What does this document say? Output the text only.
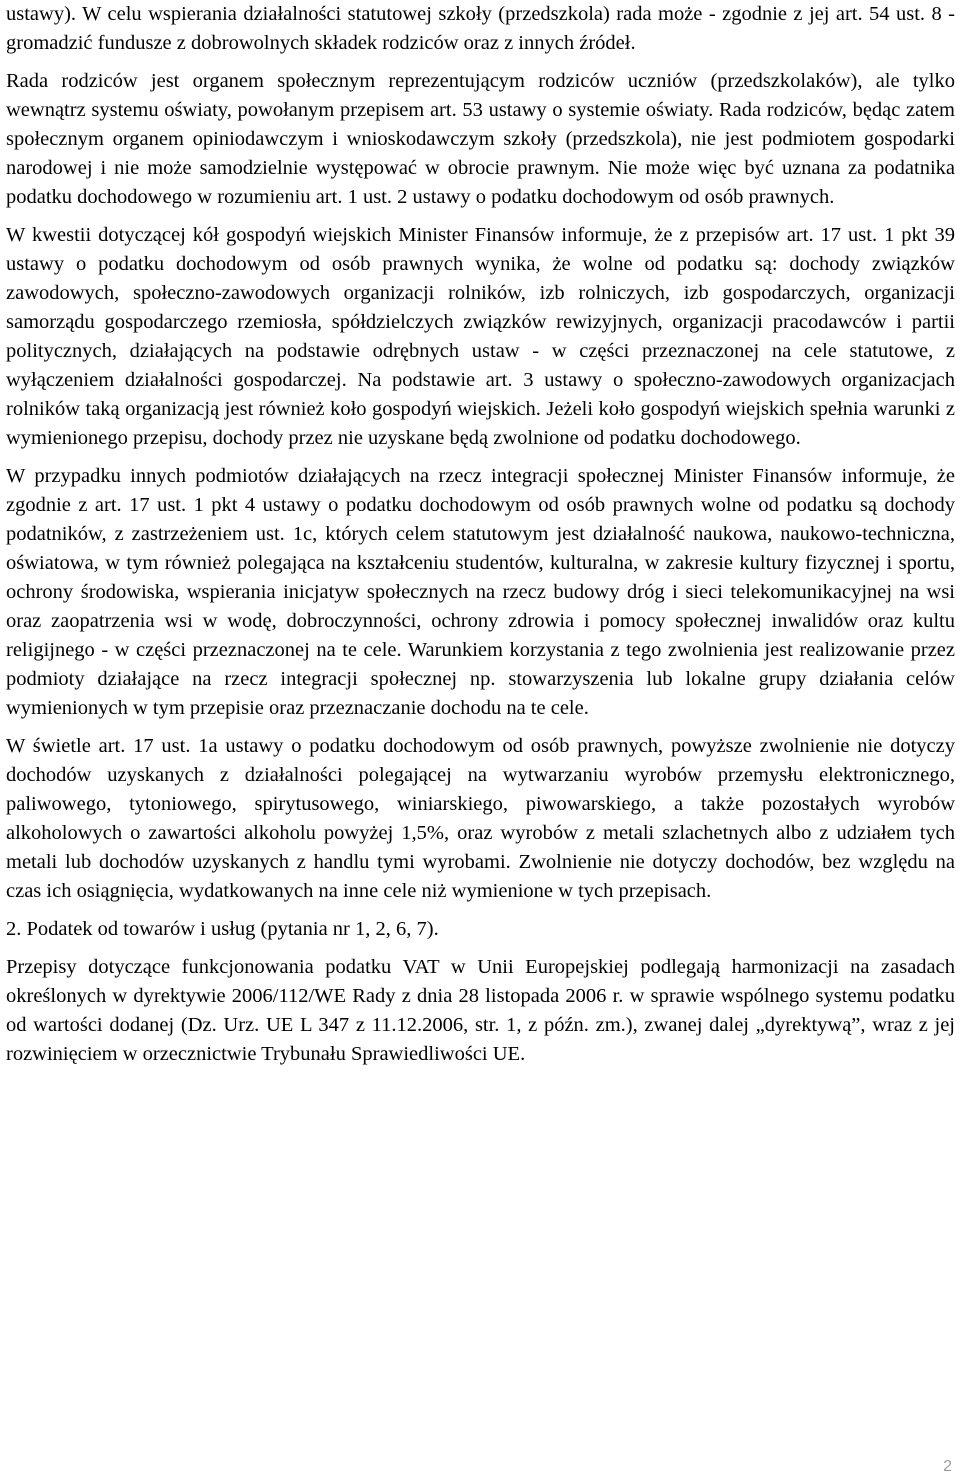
ustawy). W celu wspierania działalności statutowej szkoły (przedszkola) rada może - zgodnie z jej art. 54 ust. 8 - gromadzić fundusze z dobrowolnych składek rodziców oraz z innych źródeł.

Rada rodziców jest organem społecznym reprezentującym rodziców uczniów (przedszkolaków), ale tylko wewnątrz systemu oświaty, powołanym przepisem art. 53 ustawy o systemie oświaty. Rada rodziców, będąc zatem społecznym organem opiniodawczym i wnioskodawczym szkoły (przedszkola), nie jest podmiotem gospodarki narodowej i nie może samodzielnie występować w obrocie prawnym. Nie może więc być uznana za podatnika podatku dochodowego w rozumieniu art. 1 ust. 2 ustawy o podatku dochodowym od osób prawnych.

W kwestii dotyczącej kół gospodyń wiejskich Minister Finansów informuje, że z przepisów art. 17 ust. 1 pkt 39 ustawy o podatku dochodowym od osób prawnych wynika, że wolne od podatku są: dochody związków zawodowych, społeczno-zawodowych organizacji rolników, izb rolniczych, izb gospodarczych, organizacji samorządu gospodarczego rzemiosła, spółdzielczych związków rewizyjnych, organizacji pracodawców i partii politycznych, działających na podstawie odrębnych ustaw - w części przeznaczonej na cele statutowe, z wyłączeniem działalności gospodarczej. Na podstawie art. 3 ustawy o społeczno-zawodowych organizacjach rolników taką organizacją jest również koło gospodyń wiejskich. Jeżeli koło gospodyń wiejskich spełnia warunki z wymienionego przepisu, dochody przez nie uzyskane będą zwolnione od podatku dochodowego.

W przypadku innych podmiotów działających na rzecz integracji społecznej Minister Finansów informuje, że zgodnie z art. 17 ust. 1 pkt 4 ustawy o podatku dochodowym od osób prawnych wolne od podatku są dochody podatników, z zastrzeżeniem ust. 1c, których celem statutowym jest działalność naukowa, naukowo-techniczna, oświatowa, w tym również polegająca na kształceniu studentów, kulturalna, w zakresie kultury fizycznej i sportu, ochrony środowiska, wspierania inicjatyw społecznych na rzecz budowy dróg i sieci telekomunikacyjnej na wsi oraz zaopatrzenia wsi w wodę, dobroczynności, ochrony zdrowia i pomocy społecznej inwalidów oraz kultu religijnego - w części przeznaczonej na te cele. Warunkiem korzystania z tego zwolnienia jest realizowanie przez podmioty działające na rzecz integracji społecznej np. stowarzyszenia lub lokalne grupy działania celów wymienionych w tym przepisie oraz przeznaczanie dochodu na te cele.

W świetle art. 17 ust. 1a ustawy o podatku dochodowym od osób prawnych, powyższe zwolnienie nie dotyczy dochodów uzyskanych z działalności polegającej na wytwarzaniu wyrobów przemysłu elektronicznego, paliwowego, tytoniowego, spirytusowego, winiarskiego, piwowarskiego, a także pozostałych wyrobów alkoholowych o zawartości alkoholu powyżej 1,5%, oraz wyrobów z metali szlachetnych albo z udziałem tych metali lub dochodów uzyskanych z handlu tymi wyrobami. Zwolnienie nie dotyczy dochodów, bez względu na czas ich osiągnięcia, wydatkowanych na inne cele niż wymienione w tych przepisach.

2. Podatek od towarów i usług (pytania nr 1, 2, 6, 7).

Przepisy dotyczące funkcjonowania podatku VAT w Unii Europejskiej podlegają harmonizacji na zasadach określonych w dyrektywie 2006/112/WE Rady z dnia 28 listopada 2006 r. w sprawie wspólnego systemu podatku od wartości dodanej (Dz. Urz. UE L 347 z 11.12.2006, str. 1, z późn. zm.), zwanej dalej „dyrektywą”, wraz z jej rozwinięciem w orzecznictwie Trybunału Sprawiedliwości UE.

2
